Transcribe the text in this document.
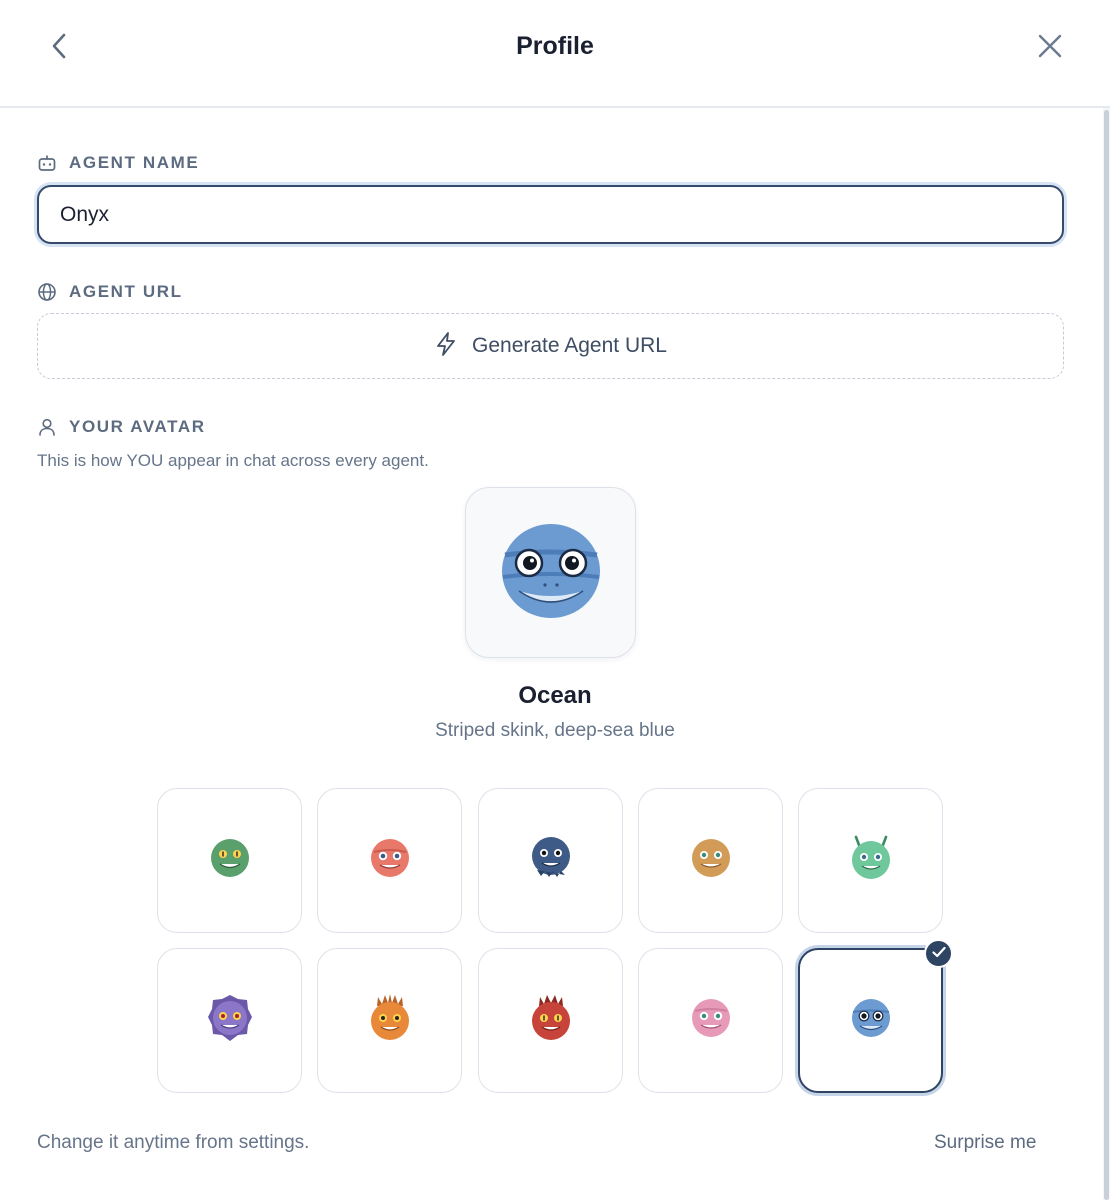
Profile
AGENT NAME
Onyx
AGENT URL
Generate Agent URL
YOUR AVATAR
This is how YOU appear in chat across every agent.
Ocean
Striped skink, deep-sea blue
Change it anytime from settings.	Surprise me
